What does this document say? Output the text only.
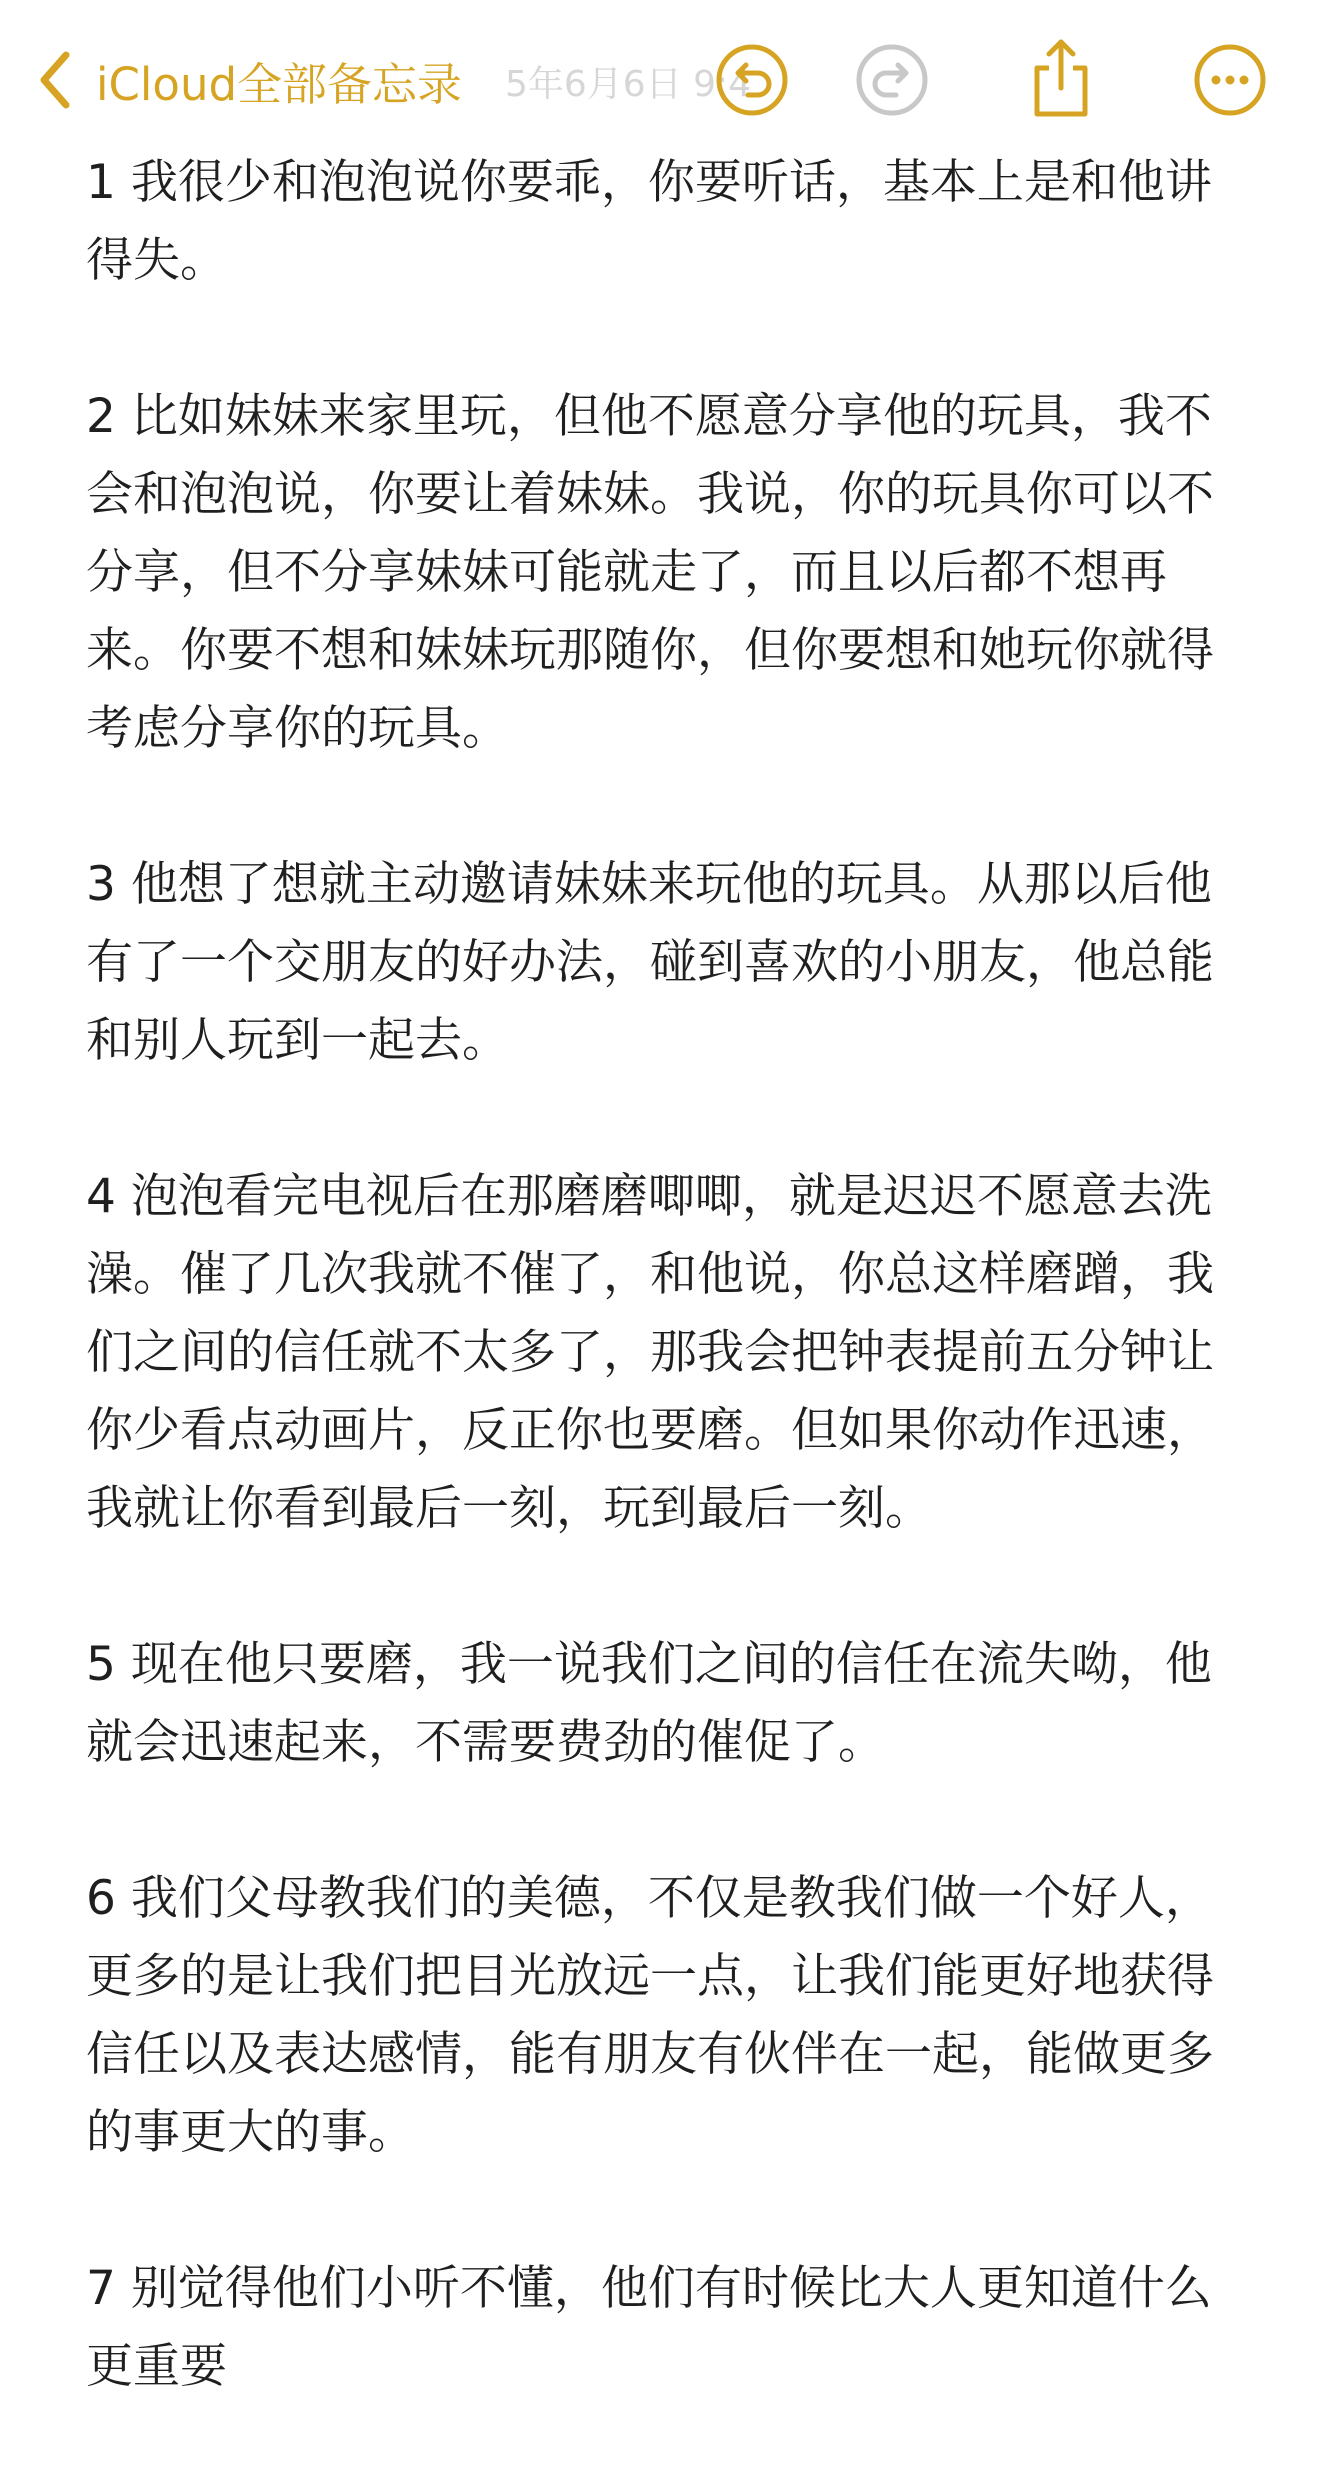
5年6月6日 9:4
iCloud全部备忘录

1 我很少和泡泡说你要乖，你要听话，基本上是和他讲得失。

2 比如妹妹来家里玩，但他不愿意分享他的玩具，我不会和泡泡说，你要让着妹妹。我说，你的玩具你可以不分享，但不分享妹妹可能就走了，而且以后都不想再来。你要不想和妹妹玩那随你，但你要想和她玩你就得考虑分享你的玩具。

3 他想了想就主动邀请妹妹来玩他的玩具。从那以后他有了一个交朋友的好办法，碰到喜欢的小朋友，他总能和别人玩到一起去。

4 泡泡看完电视后在那磨磨唧唧，就是迟迟不愿意去洗澡。催了几次我就不催了，和他说，你总这样磨蹭，我们之间的信任就不太多了，那我会把钟表提前五分钟让你少看点动画片，反正你也要磨。但如果你动作迅速，我就让你看到最后一刻，玩到最后一刻。

5 现在他只要磨，我一说我们之间的信任在流失呦，他就会迅速起来，不需要费劲的催促了。

6 我们父母教我们的美德，不仅是教我们做一个好人，更多的是让我们把目光放远一点，让我们能更好地获得信任以及表达感情，能有朋友有伙伴在一起，能做更多的事更大的事。

7 别觉得他们小听不懂，他们有时候比大人更知道什么更重要
